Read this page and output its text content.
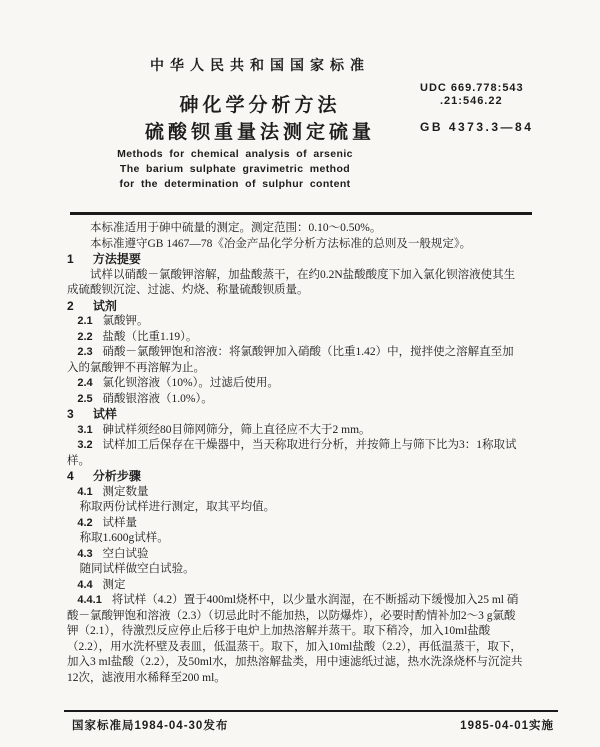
中华人民共和国国家标准
UDC 669.778:543
.21:546.22
砷化学分析方法
硫酸钡重量法测定硫量	GB 4373.3—84
Methods for chemical analysis of arsenic
The barium sulphate gravimetric method
for the determination of sulphur content

本标准适用于砷中硫量的测定。测定范围：0.10～0.50%。

本标准遵守GB 1467—78《冶金产品化学分析方法标准的总则及一般规定》。

1 方法提要

试样以硝酸－氯酸钾溶解，加盐酸蒸干，在约0.2N盐酸酸度下加入氯化钡溶液使其生成硫酸钡沉淀、过滤、灼烧、称量硫酸钡质量。

2 试剂

2.1 氯酸钾。

2.2 盐酸（比重1.19）。

2.3 硝酸－氯酸钾饱和溶液：将氯酸钾加入硝酸（比重1.42）中，搅拌使之溶解直至加入的氯酸钾不再溶解为止。

2.4 氯化钡溶液（10%）。过滤后使用。

2.5 硝酸银溶液（1.0%）。

3 试样

3.1 砷试样须经80目筛网筛分，筛上直径应不大于2 mm。

3.2 试样加工后保存在干燥器中，当天称取进行分析，并按筛上与筛下比为3：1称取试样。

4 分析步骤

4.1 测定数量

称取两份试样进行测定，取其平均值。

4.2 试样量

称取1.600g试样。

4.3 空白试验

随同试样做空白试验。

4.4 测定

4.4.1 将试样（4.2）置于400ml烧杯中，以少量水润湿，在不断摇动下缓慢加入25 ml 硝酸－氯酸钾饱和溶液（2.3）（切忌此时不能加热，以防爆炸），必要时酌情补加2～3 g氯酸钾（2.1），待激烈反应停止后移于电炉上加热溶解并蒸干。取下稍冷，加入10ml盐酸（2.2），用水洗杯壁及表皿，低温蒸干。取下，加入10ml盐酸（2.2），再低温蒸干，取下，加入3 ml盐酸（2.2），及50ml水，加热溶解盐类，用中速滤纸过滤，热水洗涤烧杯与沉淀共12次，滤液用水稀释至200 ml。

国家标准局1984-04-30发布	1985-04-01实施
